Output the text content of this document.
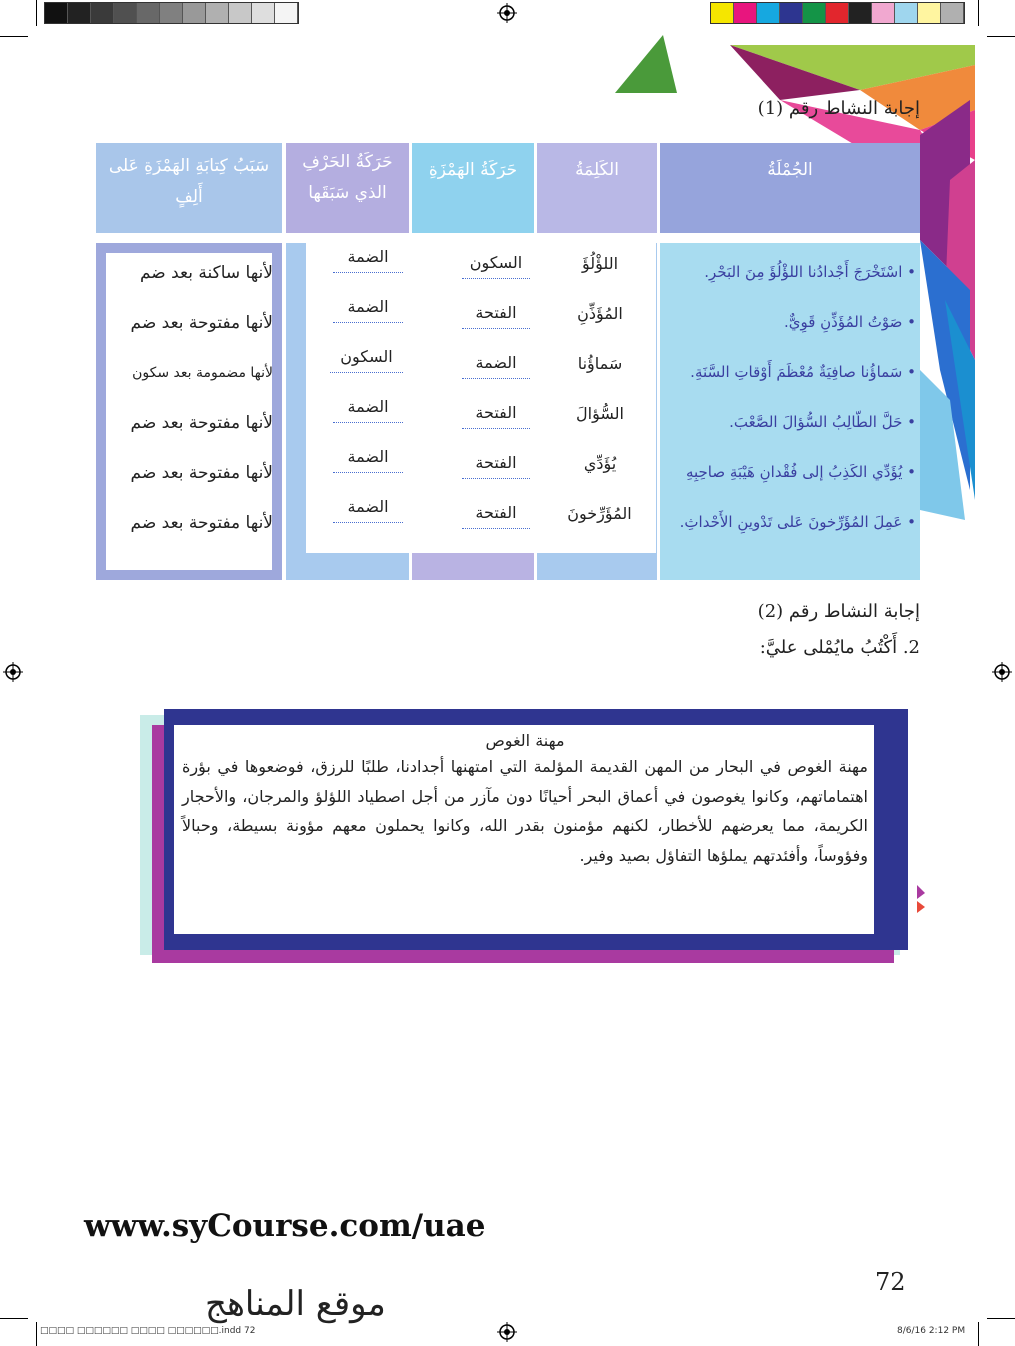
إجابة النشاط رقم (1)
الجُمْلَةُ
الكَلِمَةُ
حَرَكَةُ الهَمْزَةِ
حَرَكَةُ الحَرْفِ الذي سَبَقَها
سَبَبُ كِتابَةِ الهَمْزَةِ عَلى أَلِفٍ
• اسْتَخْرَجَ أَجْدادُنا اللؤْلُؤَ مِنَ البَحْرِ.
• صَوْتُ المُؤَذِّنِ قَوِيٌّ.
• سَماؤُنا صافِيَةٌ مُعْظَمَ أَوْقاتِ السَّنَةِ.
• حَلَّ الطّالِبُ السُّؤالَ الصَّعْبَ.
• يُؤَدِّي الكَذِبُ إلى فُقْدانِ هَيْبَةِ صاحِبِهِ
• عَمِلَ المُؤَرِّخونَ عَلى تَدْوينِ الأَحْداثِ.
اللؤْلُؤَ
المُؤَذِّنِ
سَماؤُنا
السُّؤالَ
يُؤَدِّي
المُؤَرِّخونَ
السكون
الفتحة
الضمة
الفتحة
الفتحة
الفتحة
الضمة
الضمة
السكون
الضمة
الضمة
الضمة
لأنها ساكنة بعد ضم
لأنها مفتوحة بعد ضم
لأنها مضمومة بعد سكون
لأنها مفتوحة بعد ضم
لأنها مفتوحة بعد ضم
لأنها مفتوحة بعد ضم
إجابة النشاط رقم (2)
2. أَكْتُبُ مايُمْلى عليَّ:
مهنة الغوص
مهنة الغوص في البحار من المهن القديمة المؤلمة التي امتهنها أجدادنا، طلبًا للرزق، فوضعوها في بؤرة اهتماماتهم، وكانوا يغوصون في أعماق البحر أحيانًا دون مآزر من أجل اصطياد اللؤلؤ والمرجان، والأحجار الكريمة، مما يعرضهم للأخطار، لكنهم مؤمنون بقدر الله، وكانوا يحملون معهم مؤونة بسيطة، وحبالاً وفؤوساً، وأفئدتهم يملؤها التفاؤل بصيد وفير.
www.syCourse.com/uae
72
موقع المناهج
□□□□ □□□□□□ □□□□ □□□□□□.indd 72	8/6/16 2:12 PM
